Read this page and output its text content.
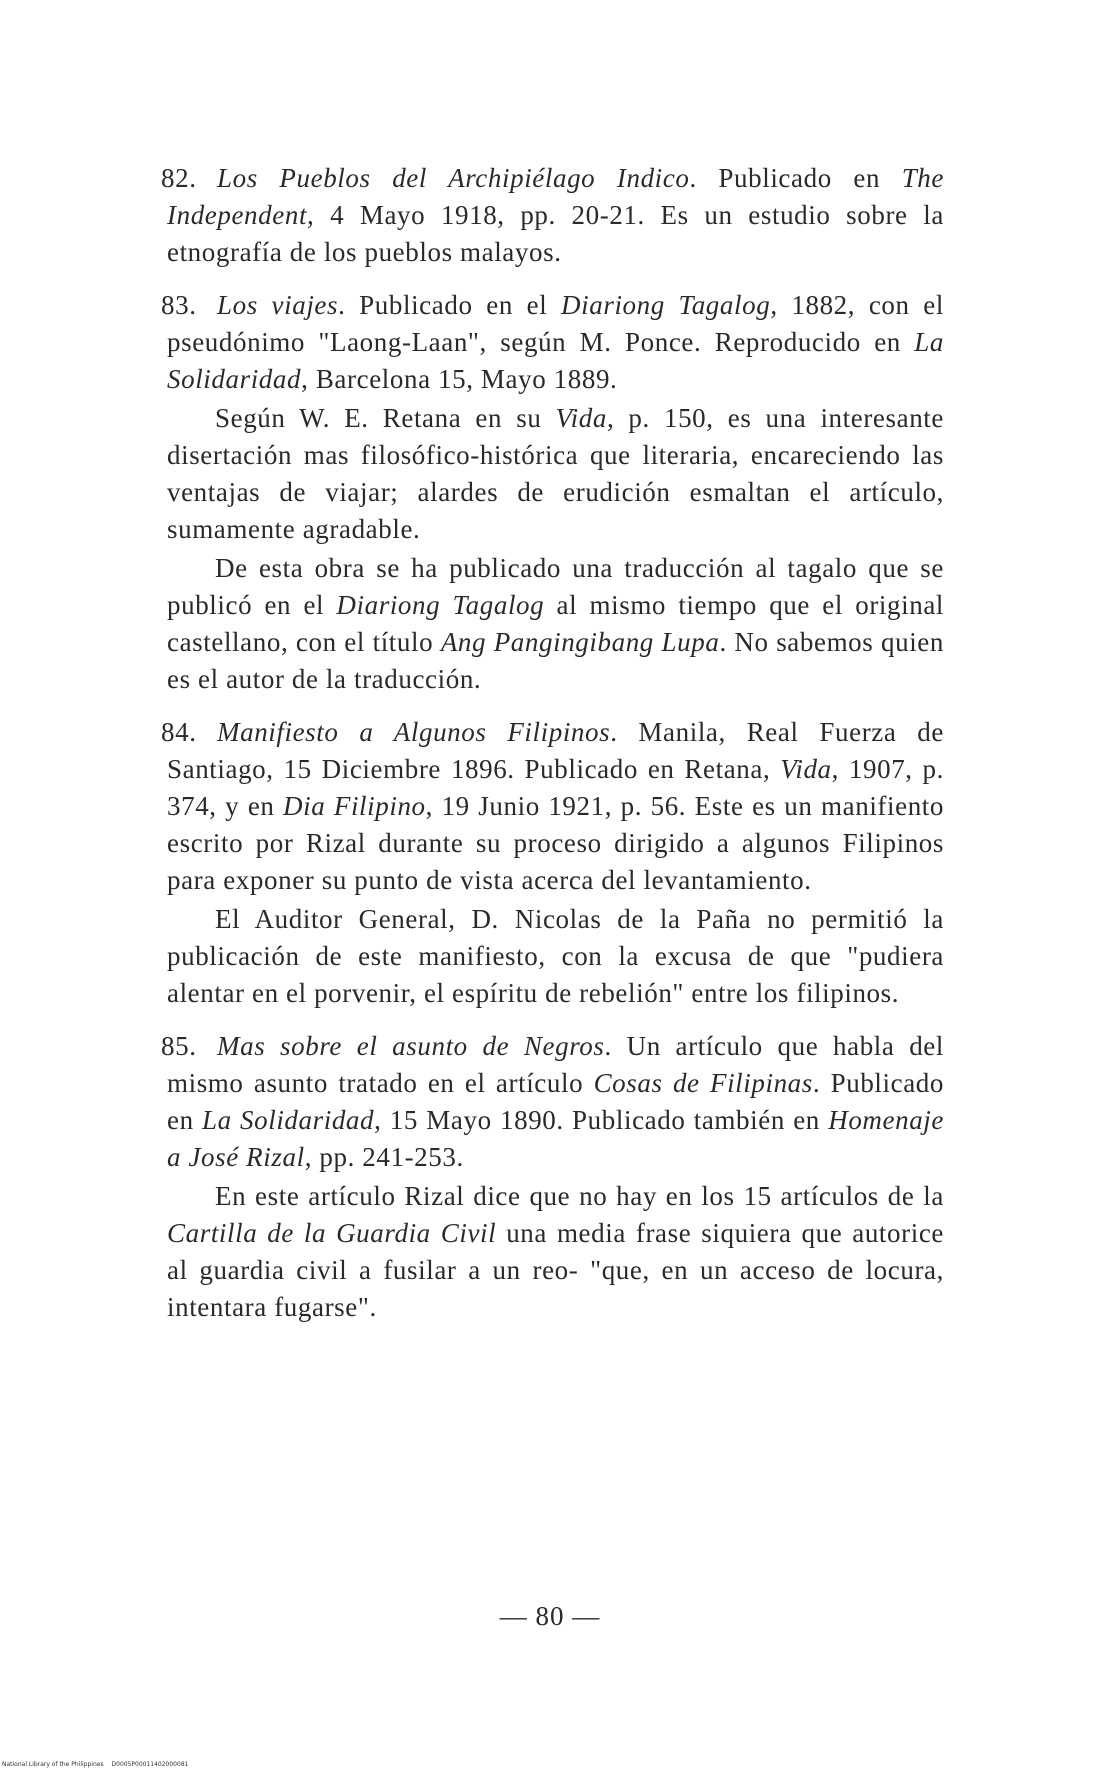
82. Los Pueblos del Archipiélago Indico. Publicado en The Independent, 4 Mayo 1918, pp. 20-21. Es un estudio sobre la etnografía de los pueblos malayos.

83. Los viajes. Publicado en el Diariong Tagalog, 1882, con el pseudónimo "Laong-Laan", según M. Ponce. Reproducido en La Solidaridad, Barcelona 15, Mayo 1889.

Según W. E. Retana en su Vida, p. 150, es una interesante disertación mas filosófico-histórica que literaria, encareciendo las ventajas de viajar; alardes de erudición esmaltan el artículo, sumamente agradable.

De esta obra se ha publicado una traducción al tagalo que se publicó en el Diariong Tagalog al mismo tiempo que el original castellano, con el título Ang Pangingibang Lupa. No sabemos quien es el autor de la traducción.

84. Manifiesto a Algunos Filipinos. Manila, Real Fuerza de Santiago, 15 Diciembre 1896. Publicado en Retana, Vida, 1907, p. 374, y en Dia Filipino, 19 Junio 1921, p. 56. Este es un manifiento escrito por Rizal durante su proceso dirigido a algunos Filipinos para exponer su punto de vista acerca del levantamiento.

El Auditor General, D. Nicolas de la Paña no permitió la publicación de este manifiesto, con la excusa de que "pudiera alentar en el porvenir, el espíritu de rebelión" entre los filipinos.

85. Mas sobre el asunto de Negros. Un artículo que habla del mismo asunto tratado en el artículo Cosas de Filipinas. Publicado en La Solidaridad, 15 Mayo 1890. Publicado también en Homenaje a José Rizal, pp. 241-253.

En este artículo Rizal dice que no hay en los 15 artículos de la Cartilla de la Guardia Civil una media frase siquiera que autorice al guardia civil a fusilar a un reo- "que, en un acceso de locura, intentara fugarse".

— 80 —
National Library of the Philippines D0005P00011402000081
